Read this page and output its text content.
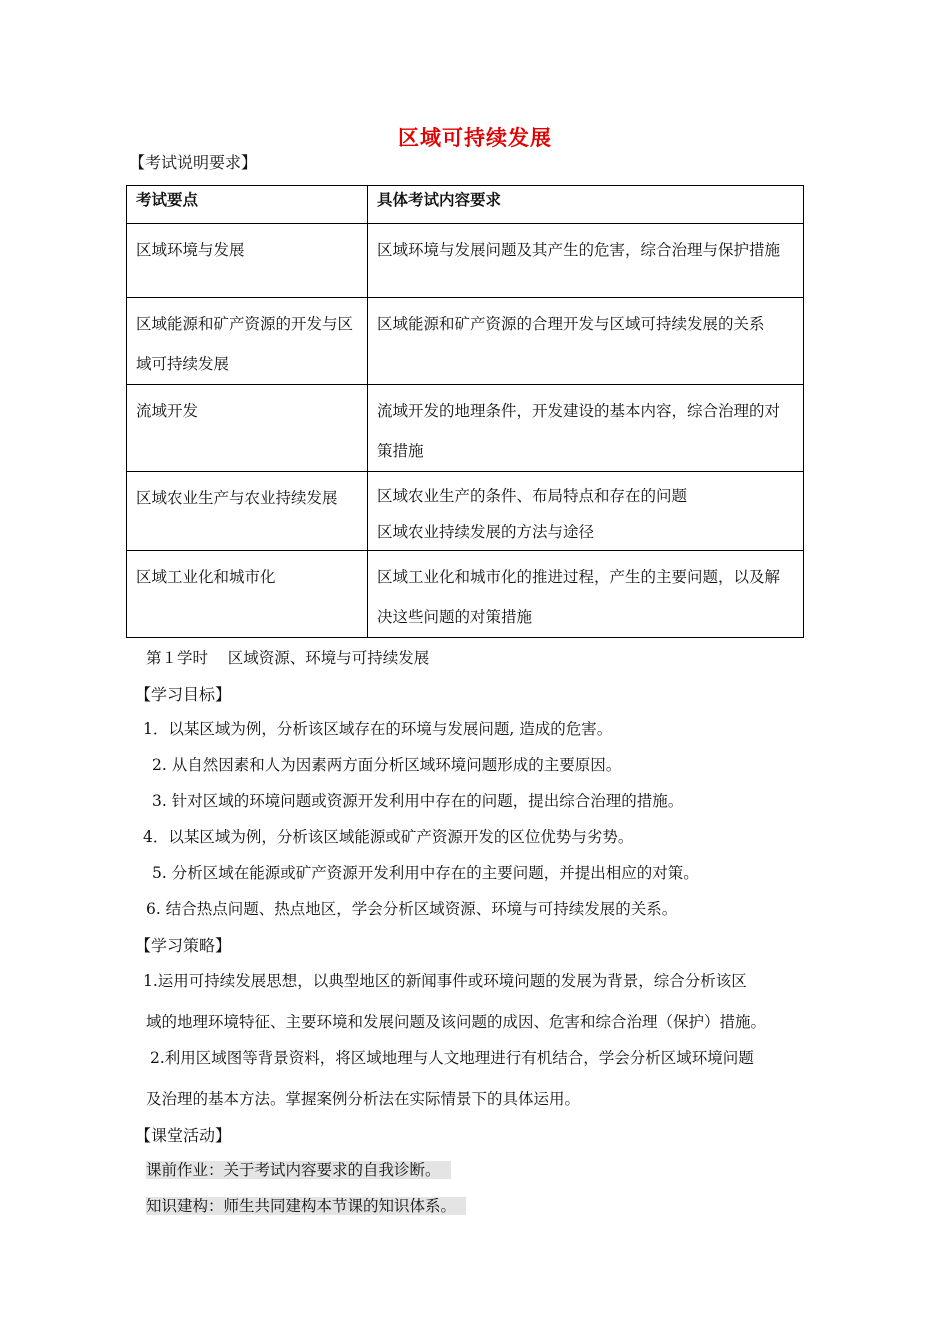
区域可持续发展
【考试说明要求】
考试要点	具体考试内容要求
区域环境与发展	区域环境与发展问题及其产生的危害，综合治理与保护措施
区域能源和矿产资源的开发与区域可持续发展	区域能源和矿产资源的合理开发与区域可持续发展的关系
流域开发	流域开发的地理条件，开发建设的基本内容，综合治理的对策措施
区域农业生产与农业持续发展	区域农业生产的条件、布局特点和存在的问题
区域农业持续发展的方法与途径

区域工业化和城市化	区域工业化和城市化的推进过程，产生的主要问题，以及解决这些问题的对策措施
第１学时 区域资源、环境与可持续发展
【学习目标】
1．以某区域为例，分析该区域存在的环境与发展问题, 造成的危害。
2. 从自然因素和人为因素两方面分析区域环境问题形成的主要原因。
3. 针对区域的环境问题或资源开发利用中存在的问题，提出综合治理的措施。
4．以某区域为例，分析该区域能源或矿产资源开发的区位优势与劣势。
5. 分析区域在能源或矿产资源开发利用中存在的主要问题，并提出相应的对策。
6. 结合热点问题、热点地区，学会分析区域资源、环境与可持续发展的关系。
【学习策略】
1.运用可持续发展思想，以典型地区的新闻事件或环境问题的发展为背景，综合分析该区
域的地理环境特征、主要环境和发展问题及该问题的成因、危害和综合治理（保护）措施。
2.利用区域图等背景资料，将区域地理与人文地理进行有机结合，学会分析区域环境问题
及治理的基本方法。掌握案例分析法在实际情景下的具体运用。
【课堂活动】
课前作业：关于考试内容要求的自我诊断。
知识建构：师生共同建构本节课的知识体系。
